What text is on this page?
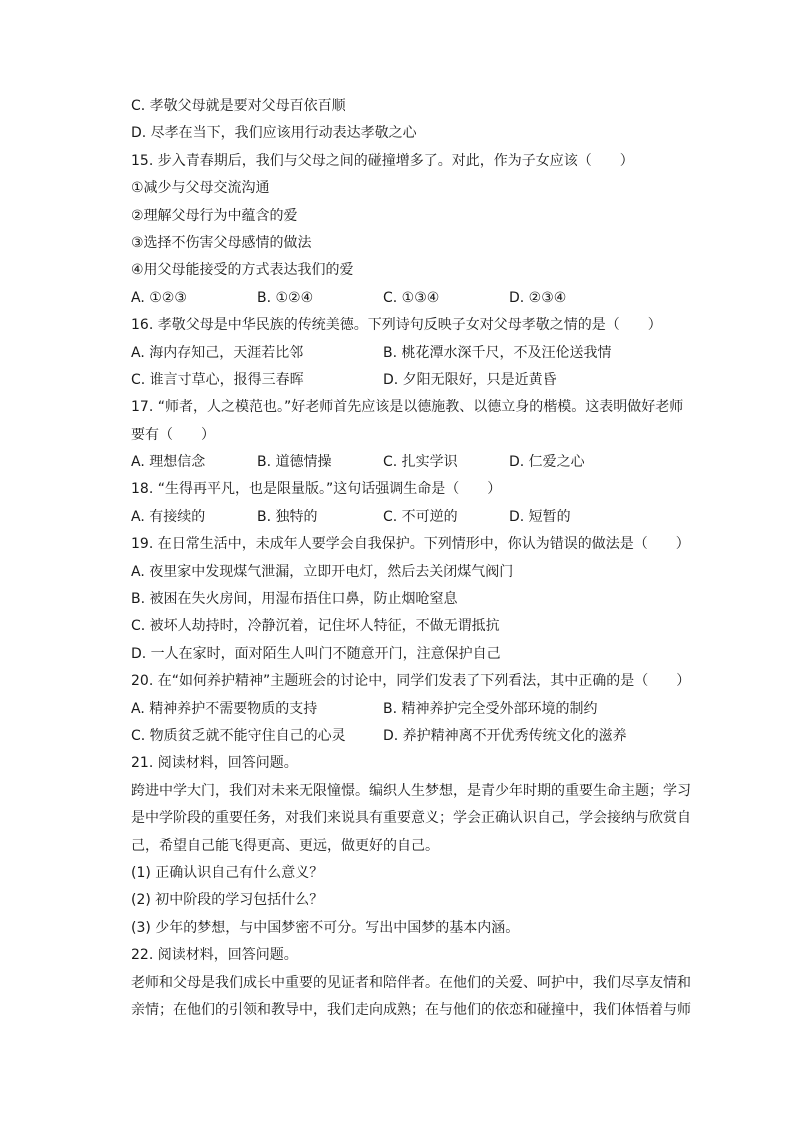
C. 孝敬父母就是要对父母百依百顺
D. 尽孝在当下，我们应该用行动表达孝敬之心
15. 步入青春期后，我们与父母之间的碰撞增多了。对此，作为子女应该（　　）
①减少与父母交流沟通
②理解父母行为中蕴含的爱
③选择不伤害父母感情的做法
④用父母能接受的方式表达我们的爱
A. ①②③	B. ①②④	C. ①③④	D. ②③④
16. 孝敬父母是中华民族的传统美德。下列诗句反映子女对父母孝敬之情的是（　　）
A. 海内存知己，天涯若比邻	B. 桃花潭水深千尺，不及汪伦送我情
C. 谁言寸草心，报得三春晖	D. 夕阳无限好，只是近黄昏
17. “师者，人之模范也。”好老师首先应该是以德施教、以德立身的楷模。这表明做好老师
要有（　　）
A. 理想信念	B. 道德情操	C. 扎实学识	D. 仁爱之心
18. “生得再平凡，也是限量版。”这句话强调生命是（　　）
A. 有接续的	B. 独特的	C. 不可逆的	D. 短暂的
19. 在日常生活中，未成年人要学会自我保护。下列情形中，你认为错误的做法是（　　）
A. 夜里家中发现煤气泄漏，立即开电灯，然后去关闭煤气阀门
B. 被困在失火房间，用湿布捂住口鼻，防止烟呛窒息
C. 被坏人劫持时，冷静沉着，记住坏人特征，不做无谓抵抗
D. 一人在家时，面对陌生人叫门不随意开门，注意保护自己
20. 在“如何养护精神”主题班会的讨论中，同学们发表了下列看法，其中正确的是（　　）
A. 精神养护不需要物质的支持	B. 精神养护完全受外部环境的制约
C. 物质贫乏就不能守住自己的心灵	D. 养护精神离不开优秀传统文化的滋养
21. 阅读材料，回答问题。
跨进中学大门，我们对未来无限憧憬。编织人生梦想，是青少年时期的重要生命主题；学习
是中学阶段的重要任务，对我们来说具有重要意义；学会正确认识自己，学会接纳与欣赏自
己，希望自己能飞得更高、更远，做更好的自己。
(1) 正确认识自己有什么意义？
(2) 初中阶段的学习包括什么？
(3) 少年的梦想，与中国梦密不可分。写出中国梦的基本内涵。
22. 阅读材料，回答问题。
老师和父母是我们成长中重要的见证者和陪伴者。在他们的关爱、呵护中，我们尽享友情和
亲情；在他们的引领和教导中，我们走向成熟；在与他们的依恋和碰撞中，我们体悟着与师
